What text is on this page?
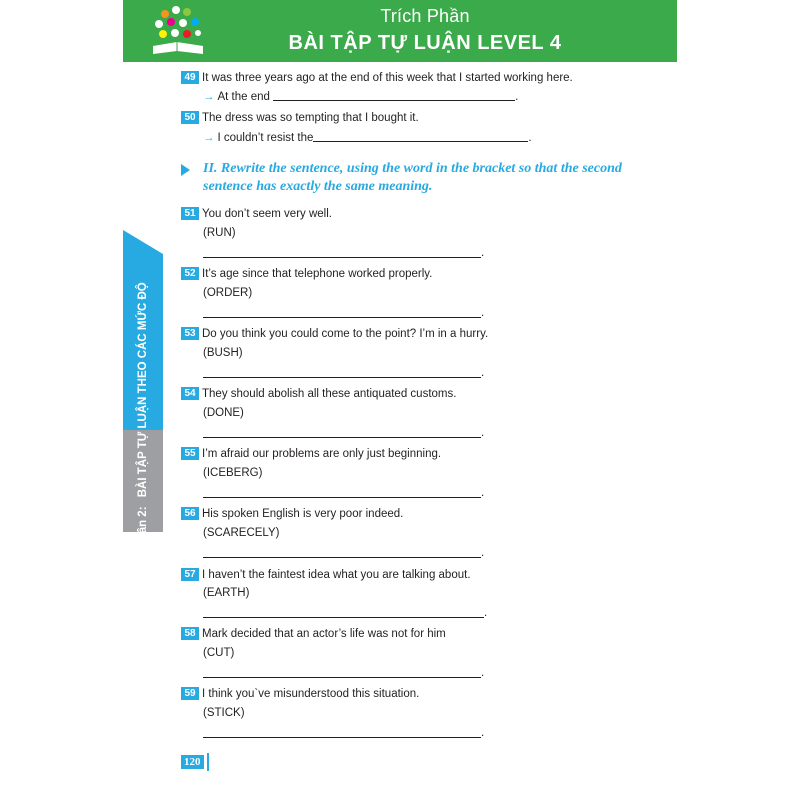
Trích Phần
BÀI TẬP TỰ LUẬN LEVEL 4
Phần 2: BÀI TẬP TỰ LUẬN THEO CÁC MỨC ĐỘ
49 It was three years ago at the end of this week that I started working here.
→ At the end	.
50 The dress was so tempting that I bought it.
→ I couldn’t resist the	.
II. Rewrite the sentence, using the word in the bracket so that the second sentence has exactly the same meaning.
51 You don’t seem very well.
(RUN)
.
52 It’s age since that telephone worked properly.
(ORDER)
.
53 Do you think you could come to the point? I’m in a hurry.
(BUSH)
.
54 They should abolish all these antiquated customs.
(DONE)
.
55 I’m afraid our problems are only just beginning.
(ICEBERG)
.
56 His spoken English is very poor indeed.
(SCARECELY)
.
57 I haven’t the faintest idea what you are talking about.
(EARTH)
.
58 Mark decided that an actor’s life was not for him
(CUT)
.
59 I think you`ve misunderstood this situation.
(STICK)
.
120
